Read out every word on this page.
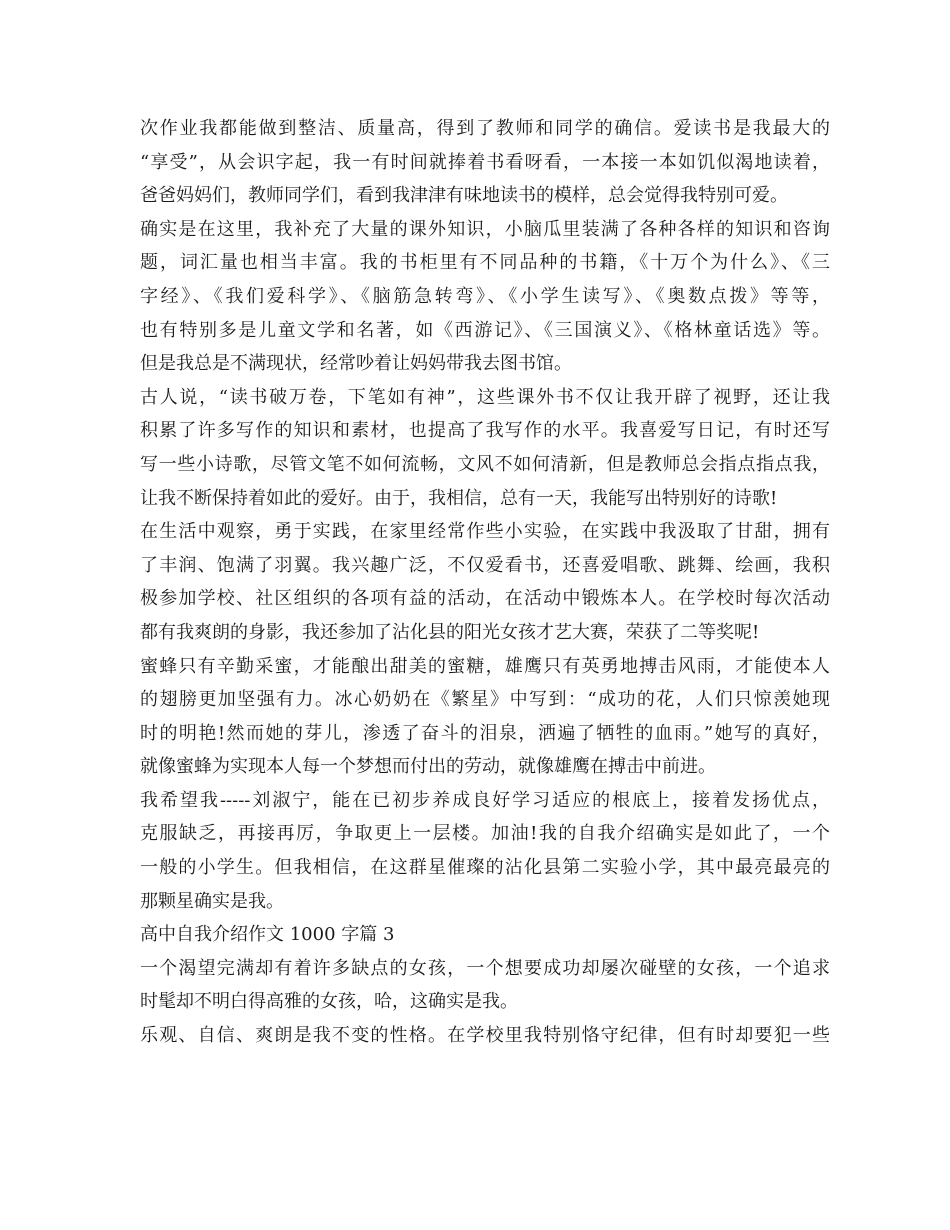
次作业我都能做到整洁、质量高，得到了教师和同学的确信。爱读书是我最大的
“享受”，从会识字起，我一有时间就捧着书看呀看，一本接一本如饥似渴地读着，
爸爸妈妈们，教师同学们，看到我津津有味地读书的模样，总会觉得我特别可爱。
确实是在这里，我补充了大量的课外知识，小脑瓜里装满了各种各样的知识和咨询
题，词汇量也相当丰富。我的书柜里有不同品种的书籍，《十万个为什么》、《三
字经》、《我们爱科学》、《脑筋急转弯》、《小学生读写》、《奥数点拨》等等，
也有特别多是儿童文学和名著，如《西游记》、《三国演义》、《格林童话选》等。
但是我总是不满现状，经常吵着让妈妈带我去图书馆。
古人说，“读书破万卷，下笔如有神”，这些课外书不仅让我开辟了视野，还让我
积累了许多写作的知识和素材，也提高了我写作的水平。我喜爱写日记，有时还写
写一些小诗歌，尽管文笔不如何流畅，文风不如何清新，但是教师总会指点指点我，
让我不断保持着如此的爱好。由于，我相信，总有一天，我能写出特别好的诗歌!
在生活中观察，勇于实践，在家里经常作些小实验，在实践中我汲取了甘甜，拥有
了丰润、饱满了羽翼。我兴趣广泛，不仅爱看书，还喜爱唱歌、跳舞、绘画，我积
极参加学校、社区组织的各项有益的活动，在活动中锻炼本人。在学校时每次活动
都有我爽朗的身影，我还参加了沾化县的阳光女孩才艺大赛，荣获了二等奖呢!
蜜蜂只有辛勤采蜜，才能酿出甜美的蜜糖，雄鹰只有英勇地搏击风雨，才能使本人
的翅膀更加坚强有力。冰心奶奶在《繁星》中写到：“成功的花，人们只惊羡她现
时的明艳!然而她的芽儿，渗透了奋斗的泪泉，洒遍了牺牲的血雨。”她写的真好，
就像蜜蜂为实现本人每一个梦想而付出的劳动，就像雄鹰在搏击中前进。
我希望我-----刘淑宁，能在已初步养成良好学习适应的根底上，接着发扬优点，
克服缺乏，再接再厉，争取更上一层楼。加油!我的自我介绍确实是如此了，一个
一般的小学生。但我相信，在这群星催璨的沾化县第二实验小学，其中最亮最亮的
那颗星确实是我。
高中自我介绍作文 1000 字篇 3
一个渴望完满却有着许多缺点的女孩，一个想要成功却屡次碰壁的女孩，一个追求
时髦却不明白得高雅的女孩，哈，这确实是我。
乐观、自信、爽朗是我不变的性格。在学校里我特别恪守纪律，但有时却要犯一些
